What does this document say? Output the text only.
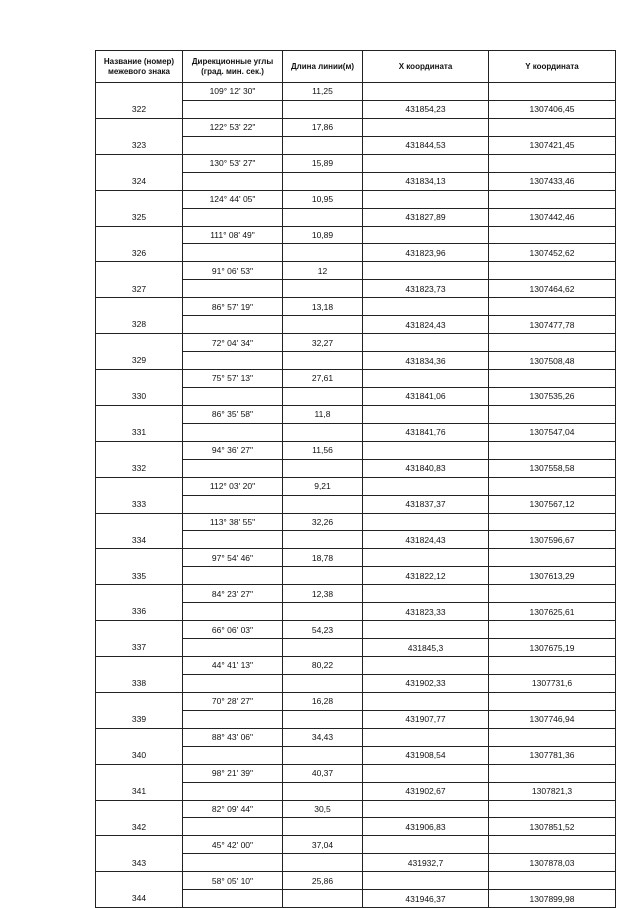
Название (номер) межевого знака	Дирекционные углы (град. мин. сек.)	Длина линии(м)	X координата	Y координата
	109° 12' 30"	11,25		
322			431854,23	1307406,45
	122° 53' 22"	17,86		
323			431844,53	1307421,45
	130° 53' 27"	15,89		
324			431834,13	1307433,46
	124° 44' 05"	10,95		
325			431827,89	1307442,46
	111° 08' 49"	10,89		
326			431823,96	1307452,62
	91° 06' 53"	12		
327			431823,73	1307464,62
	86° 57' 19"	13,18		
328			431824,43	1307477,78
	72° 04' 34"	32,27		
329			431834,36	1307508,48
	75° 57' 13"	27,61		
330			431841,06	1307535,26
	86° 35' 58"	11,8		
331			431841,76	1307547,04
	94° 36' 27"	11,56		
332			431840,83	1307558,58
	112° 03' 20"	9,21		
333			431837,37	1307567,12
	113° 38' 55"	32,26		
334			431824,43	1307596,67
	97° 54' 46"	18,78		
335			431822,12	1307613,29
	84° 23' 27"	12,38		
336			431823,33	1307625,61
	66° 06' 03"	54,23		
337			431845,3	1307675,19
	44° 41' 13"	80,22		
338			431902,33	1307731,6
	70° 28' 27"	16,28		
339			431907,77	1307746,94
	88° 43' 06"	34,43		
340			431908,54	1307781,36
	98° 21' 39"	40,37		
341			431902,67	1307821,3
	82° 09' 44"	30,5		
342			431906,83	1307851,52
	45° 42' 00"	37,04		
343			431932,7	1307878,03
	58° 05' 10"	25,86		
344			431946,37	1307899,98
